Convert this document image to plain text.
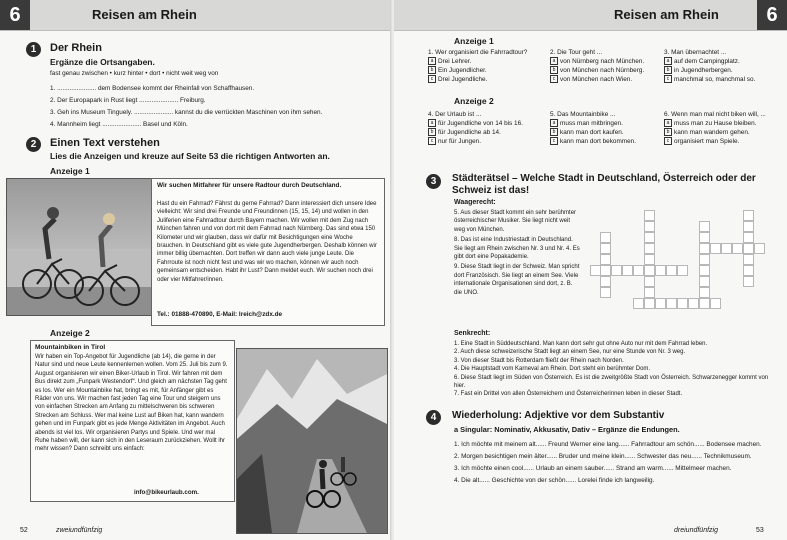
6	Reisen am Rhein
1	Der Rhein
Ergänze die Ortsangaben.
fast genau zwischen • kurz hinter • dort • nicht weit weg von
1. ...................... dem Bodensee kommt der Rheinfall von Schaffhausen.
2. Der Europapark in Rust liegt ...................... Freiburg.
3. Geh ins Museum Tinguely. ...................... kannst du die verrückten Maschinen von ihm sehen.
4. Mannheim liegt ...................... Basel und Köln.
2	Einen Text verstehen
Lies die Anzeigen und kreuze auf Seite 53 die richtigen Antworten an.
Anzeige 1
Wir suchen Mitfahrer für unsere Radtour durch Deutschland.
Hast du ein Fahrrad? Fährst du gerne Fahrrad? Dann interessiert dich unsere Idee vielleicht: Wir sind drei Freunde und Freundinnen (15, 15, 14) und wollen in den Juliferien eine Fahrradtour durch Bayern machen. Wir wollen mit dem Zug nach München fahren und von dort mit dem Fahrrad nach Nürnberg. Das sind etwa 150 Kilometer und wir glauben, dass wir dafür mit Besichtigungen eine Woche brauchen. In Deutschland gibt es viele gute Jugendherbergen. Deshalb können wir immer billig übernachten. Dort treffen wir dann auch viele junge Leute. Die Fahrroute ist noch nicht fest und was wir wo machen, können wir auch noch gemeinsam entscheiden. Habt ihr Lust? Dann meldet euch. Wir suchen noch drei oder vier Mitfahrer/innen.
Tel.: 01888-470890, E-Mail: lreich@zdx.de
Anzeige 2
Mountainbiken in Tirol
Wir haben ein Top-Angebot für Jugendliche (ab 14), die gerne in der Natur sind und neue Leute kennenlernen wollen. Vom 25. Juli bis zum 9. August organisieren wir einen Biker-Urlaub in Tirol. Wir fahren mit dem Bus direkt zum „Funpark Westendorf“. Und gleich am nächsten Tag geht es los. Wer ein Mountainbike hat, bringt es mit, für Anfänger gibt es Räder von uns. Wir machen fast jeden Tag eine Tour und steigern uns von einfachen Strecken am Anfang zu mittelschweren bis schweren Strecken am Schluss. Wer mal keine Lust auf Biken hat, kann wandern gehen und im Funpark gibt es jede Menge Aktivitäten im Angebot. Auch abends ist viel los. Wir organisieren Partys und Spiele. Und wer mal Ruhe haben will, der kann sich in den Leseraum zurückziehen. Wollt ihr mehr wissen? Dann schreibt uns einfach:
info@bikeurlaub.com.
52	zweiundfünfzig
Reisen am Rhein	6
Anzeige 1
1. Wer organisiert die Fahrradtour?
a Drei Lehrer.
b Ein Jugendlicher.
c Drei Jugendliche.
2. Die Tour geht ...
a von Nürnberg nach München.
b von München nach Nürnberg.
c von München nach Wien.
3. Man übernachtet ...
a auf dem Campingplatz.
b in Jugendherbergen.
c manchmal so, manchmal so.
Anzeige 2
4. Der Urlaub ist ...
a für Jugendliche von 14 bis 16.
b für Jugendliche ab 14.
c nur für Jungen.
5. Das Mountainbike ...
a muss man mitbringen.
b kann man dort kaufen.
c kann man dort bekommen.
6. Wenn man mal nicht biken will, ...
a muss man zu Hause bleiben.
b kann man wandern gehen.
c organisiert man Spiele.
3	Städterätsel – Welche Stadt in Deutschland, Österreich oder der Schweiz ist das!
Waagerecht:
5. Aus dieser Stadt kommt ein sehr berühmter österreichischer Musiker. Sie liegt nicht weit weg von München.
8. Das ist eine Industriestadt in Deutschland. Sie liegt am Rhein zwischen Nr. 3 und Nr. 4. Es gibt dort eine Popakademie.
9. Diese Stadt liegt in der Schweiz. Man spricht dort Französisch. Sie liegt an einem See. Viele internationale Organisationen sind dort, z. B. die UNO.
Senkrecht:
1. Eine Stadt in Süddeutschland. Man kann dort sehr gut ohne Auto nur mit dem Fahrrad leben.
2. Auch diese schweizerische Stadt liegt an einem See, nur eine Stunde von Nr. 3 weg.
3. Von dieser Stadt bis Rotterdam fließt der Rhein nach Norden.
4. Die Hauptstadt vom Karneval am Rhein. Dort steht ein berühmter Dom.
6. Diese Stadt liegt im Süden von Österreich. Es ist die zweitgrößte Stadt von Österreich. Schwarzenegger kommt von hier.
7. Fast ein Drittel von allen Österreichern und Österreicherinnen leben in dieser Stadt.
4	Wiederholung: Adjektive vor dem Substantiv
a Singular: Nominativ, Akkusativ, Dativ – Ergänze die Endungen.
1. Ich möchte mit meinem alt...... Freund Werner eine lang...... Fahrradtour am schön...... Bodensee machen.
2. Morgen besichtigen mein älter...... Bruder und meine klein...... Schwester das neu...... Technikmuseum.
3. Ich möchte einen cool...... Urlaub an einem sauber...... Strand am warm...... Mittelmeer machen.
4. Die alt...... Geschichte von der schön...... Lorelei finde ich langweilig.
dreiundfünfzig	53
